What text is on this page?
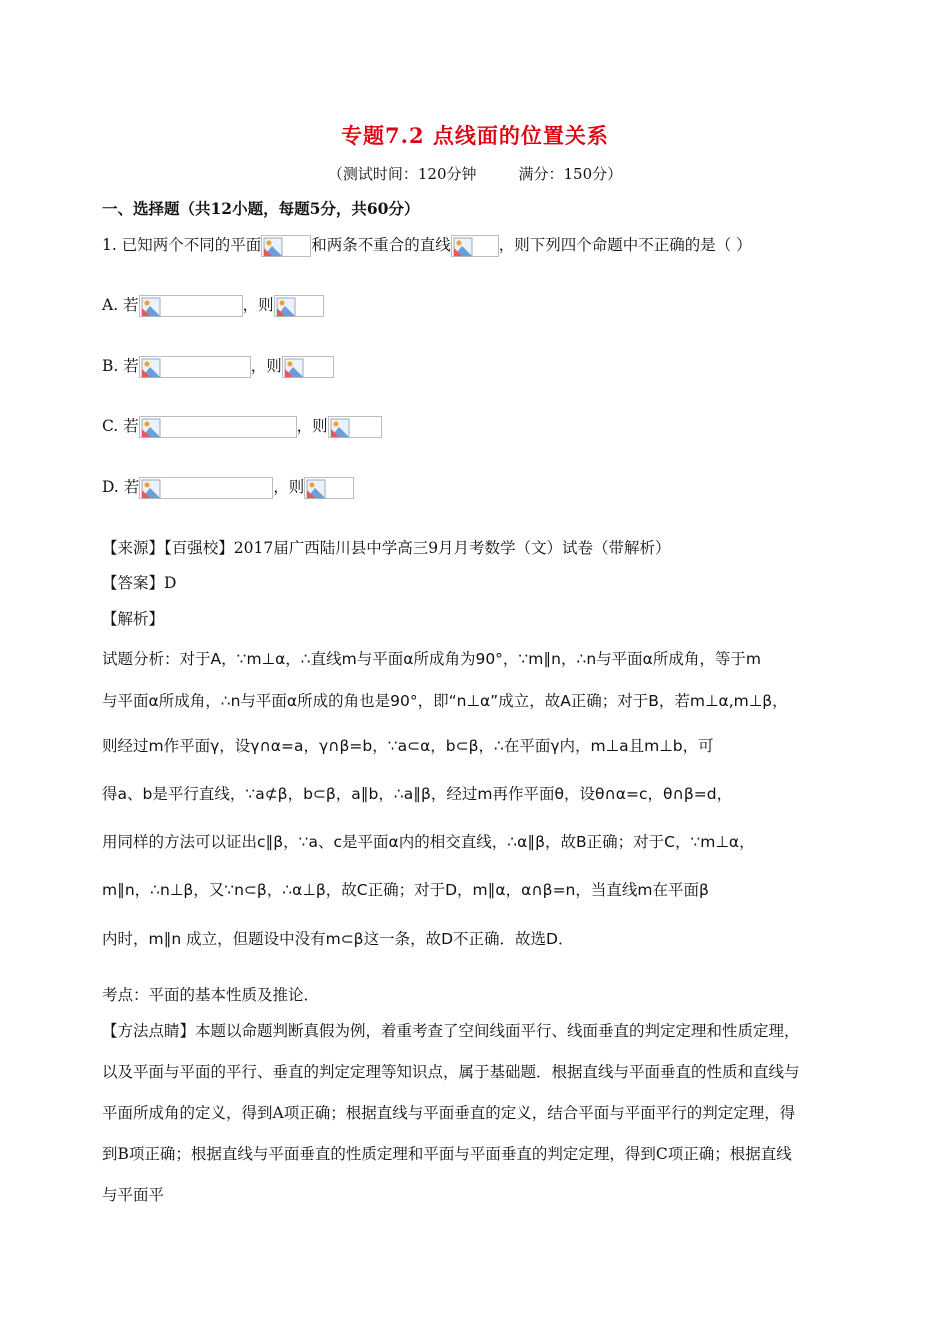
专题7.2 点线面的位置关系
（测试时间：120分钟	满分：150分）
一、选择题（共12小题，每题5分，共60分）
1. 已知两个不同的平面	和两条不重合的直线	，则下列四个命题中不正确的是（ ）
A. 若	，则
B. 若	，则
C. 若	，则
D. 若	，则
【来源】【百强校】2017届广西陆川县中学高三9月月考数学（文）试卷（带解析）
【答案】D
【解析】
试题分析：对于A，∵m⊥α，∴直线m与平面α所成角为90°，∵m∥n，∴n与平面α所成角，等于m
与平面α所成角，∴n与平面α所成的角也是90°，即“n⊥α”成立，故A正确；对于B，若m⊥α,m⊥β，
则经过m作平面γ，设γ∩α=a，γ∩β=b，∵a⊂α，b⊂β，∴在平面γ内，m⊥a且m⊥b，可
得a、b是平行直线，∵a⊄β，b⊂β，a∥b，∴a∥β，经过m再作平面θ，设θ∩α=c，θ∩β=d，
用同样的方法可以证出c∥β，∵a、c是平面α内的相交直线，∴α∥β，故B正确；对于C，∵m⊥α，
m∥n，∴n⊥β，又∵n⊂β，∴α⊥β，故C正确；对于D，m∥α，α∩β=n，当直线m在平面β
内时，m∥n 成立，但题设中没有m⊂β这一条，故D不正确．故选D．
考点：平面的基本性质及推论．
【方法点睛】本题以命题判断真假为例，着重考查了空间线面平行、线面垂直的判定定理和性质定理，
以及平面与平面的平行、垂直的判定定理等知识点，属于基础题．根据直线与平面垂直的性质和直线与
平面所成角的定义，得到A项正确；根据直线与平面垂直的定义，结合平面与平面平行的判定定理，得
到B项正确；根据直线与平面垂直的性质定理和平面与平面垂直的判定定理，得到C项正确；根据直线
与平面平
